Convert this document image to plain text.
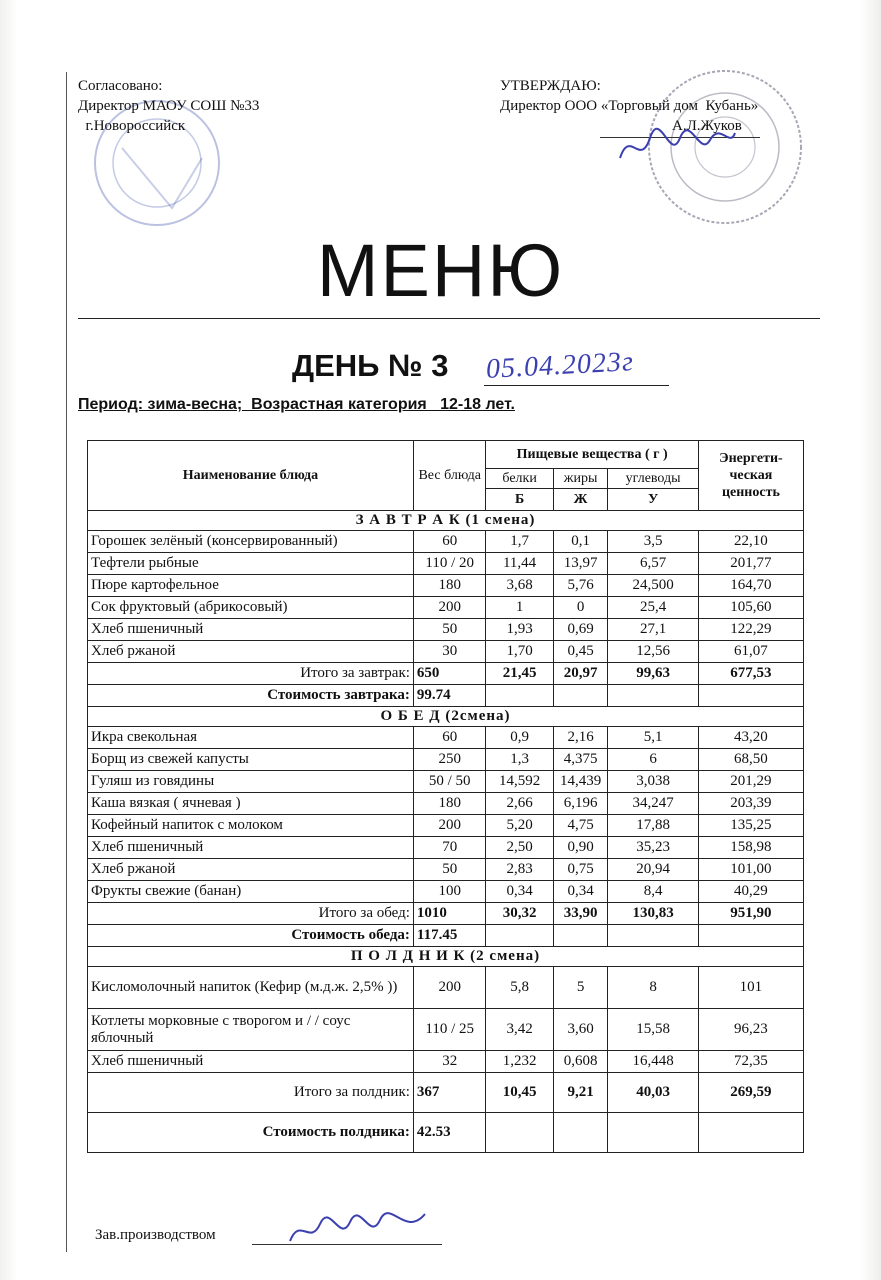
Согласовано:
Директор МАОУ СОШ №33
г.Новороссийск
УТВЕРЖДАЮ:
Директор ООО «Торговый дом  Кубань»
А.Л.Жуков
МЕНЮ
ДЕНЬ № 3 05.04.2023г
Период: зима-весна;  Возрастная категория   12-18 лет.
Наименование блюда	Вес блюда	Пищевые вещества ( г )			Энергети-ческая ценность
		белки	жиры	углеводы	
		Б	Ж	У	
З А В Т Р А К (1 смена)					
Горошек зелёный (консервированный)	60	1,7	0,1	3,5	22,10
Тефтели рыбные	110 / 20	11,44	13,97	6,57	201,77
Пюре картофельное	180	3,68	5,76	24,500	164,70
Сок фруктовый (абрикосовый)	200	1	0	25,4	105,60
Хлеб пшеничный	50	1,93	0,69	27,1	122,29
Хлеб ржаной	30	1,70	0,45	12,56	61,07
Итого за завтрак:	650	21,45	20,97	99,63	677,53
Стоимость завтрака:	99.74				
О Б Е Д (2смена)					
Икра свекольная	60	0,9	2,16	5,1	43,20
Борщ из свежей капусты	250	1,3	4,375	6	68,50
Гуляш из говядины	50 / 50	14,592	14,439	3,038	201,29
Каша вязкая ( ячневая )	180	2,66	6,196	34,247	203,39
Кофейный напиток с молоком	200	5,20	4,75	17,88	135,25
Хлеб пшеничный	70	2,50	0,90	35,23	158,98
Хлеб ржаной	50	2,83	0,75	20,94	101,00
Фрукты свежие (банан)	100	0,34	0,34	8,4	40,29
Итого за обед:	1010	30,32	33,90	130,83	951,90
Стоимость обеда:	117.45				
П О Л Д Н И К (2 смена)					
Кисломолочный напиток (Кефир (м.д.ж. 2,5% ))	200	5,8	5	8	101
Котлеты морковные с творогом и / / соус яблочный	110 / 25	3,42	3,60	15,58	96,23
Хлеб пшеничный	32	1,232	0,608	16,448	72,35
Итого за полдник:	367	10,45	9,21	40,03	269,59
Стоимость полдника:	42.53				
Зав.производством
